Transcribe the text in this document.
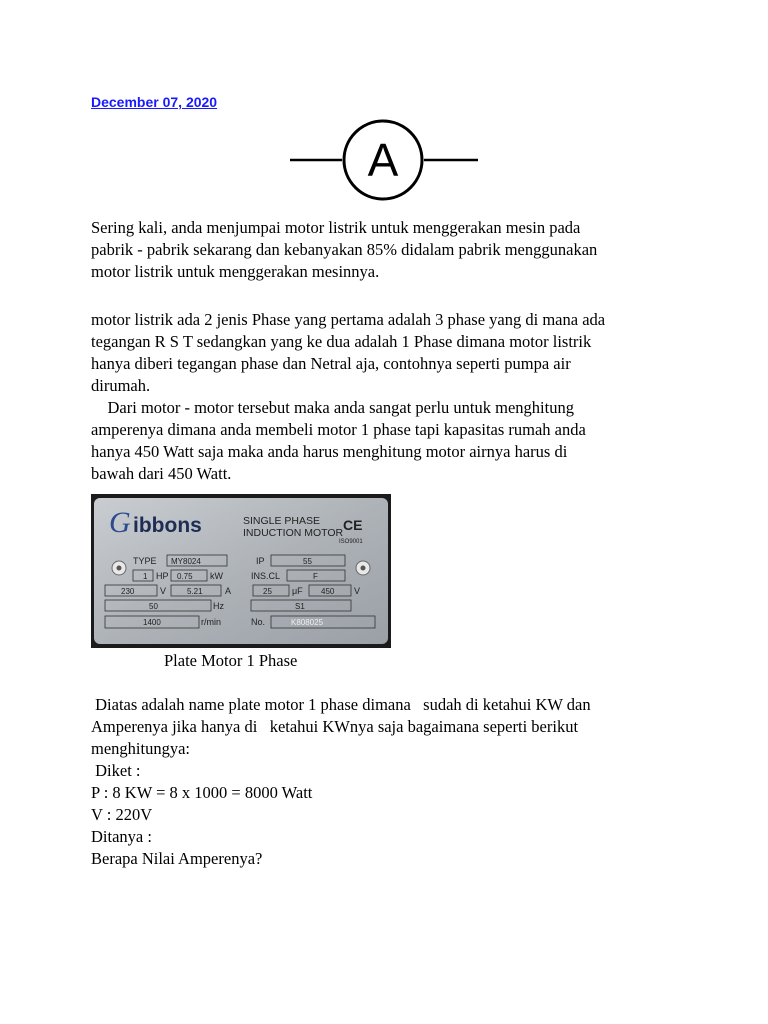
December 07, 2020
A

Sering kali, anda menjumpai motor listrik untuk menggerakan mesin pada
pabrik - pabrik sekarang dan kebanyakan 85% didalam pabrik menggunakan
motor listrik untuk menggerakan mesinnya.

motor listrik ada 2 jenis Phase yang pertama adalah 3 phase yang di mana ada
tegangan R S T sedangkan yang ke dua adalah 1 Phase dimana motor listrik
hanya diberi tegangan phase dan Netral aja, contohnya seperti pumpa air
dirumah.
Dari motor - motor tersebut maka anda sangat perlu untuk menghitung
amperenya dimana anda membeli motor 1 phase tapi kapasitas rumah anda
hanya 450 Watt saja maka anda harus menghitung motor airnya harus di
bawah dari 450 Watt.

G ibbons	SINGLE PHASE
INDUCTION MOTOR CE
ISO9001
TYPE MY8024	IP	55
1 HP 0.75 kW	INS.CL	F
230	V	5.21 A	25 μF 450 V
50	Hz	S1
1400	r/min	No.	K808025
Plate Motor 1 Phase

Diatas adalah name plate motor 1 phase dimana   sudah di ketahui KW dan
Amperenya jika hanya di   ketahui KWnya saja bagaimana seperti berikut
menghitungya:
Diket :
P : 8 KW = 8 x 1000 = 8000 Watt
V : 220V
Ditanya :
Berapa Nilai Amperenya?
